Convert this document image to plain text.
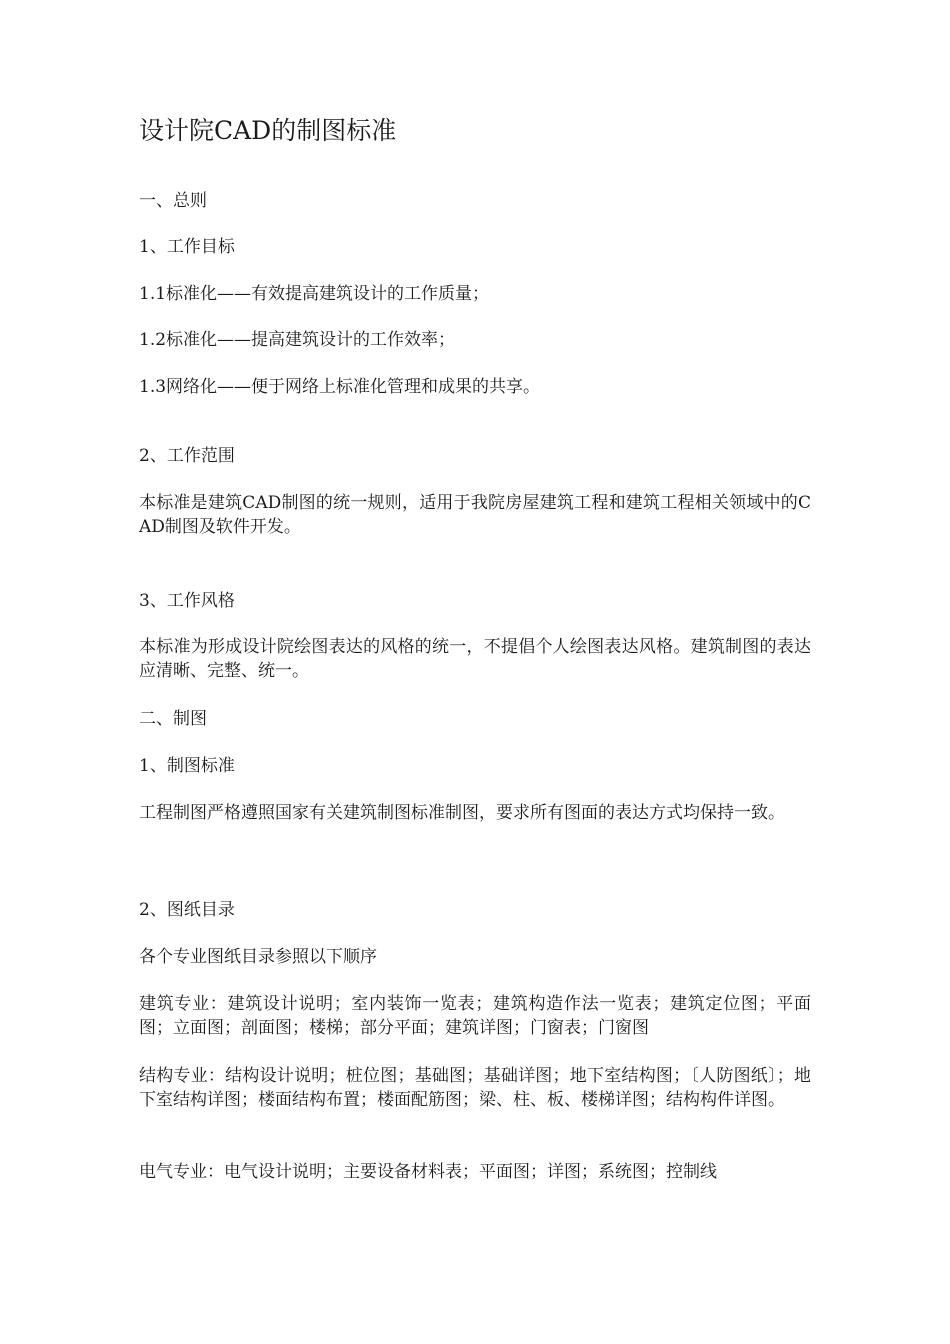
设计院CAD的制图标准
一、总则
1、工作目标
1.1标准化——有效提高建筑设计的工作质量；
1.2标准化——提高建筑设计的工作效率；
1.3网络化——便于网络上标准化管理和成果的共享。
2、工作范围
本标准是建筑CAD制图的统一规则，适用于我院房屋建筑工程和建筑工程相关领域中的CAD制图及软件开发。
3、工作风格
本标准为形成设计院绘图表达的风格的统一，不提倡个人绘图表达风格。建筑制图的表达应清晰、完整、统一。
二、制图
1、制图标准
工程制图严格遵照国家有关建筑制图标准制图，要求所有图面的表达方式均保持一致。
2、图纸目录
各个专业图纸目录参照以下顺序
建筑专业：建筑设计说明；室内装饰一览表；建筑构造作法一览表；建筑定位图；平面图；立面图；剖面图；楼梯；部分平面；建筑详图；门窗表；门窗图
结构专业：结构设计说明；桩位图；基础图；基础详图；地下室结构图；〔人防图纸〕；地下室结构详图；楼面结构布置；楼面配筋图；梁、柱、板、楼梯详图；结构构件详图。
电气专业：电气设计说明；主要设备材料表；平面图；详图；系统图；控制线
